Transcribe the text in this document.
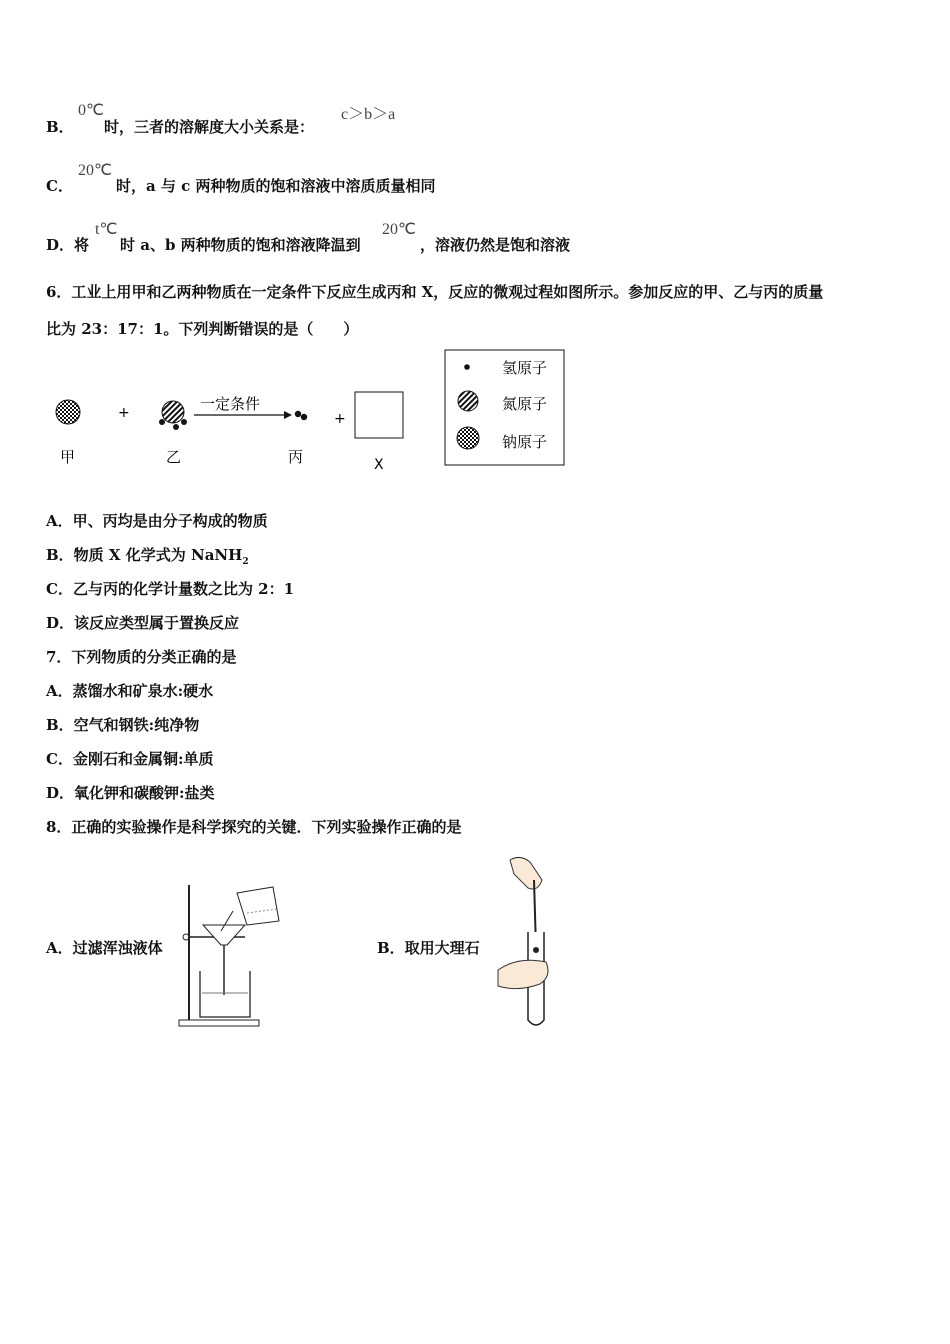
B．
0℃
时，三者的溶解度大小关系是：
c＞b＞a
C．
20℃
时，a 与 c 两种物质的饱和溶液中溶质质量相同
D．将
t℃
时 a、b 两种物质的饱和溶液降温到
20℃
，溶液仍然是饱和溶液
6．工业上用甲和乙两种物质在一定条件下反应生成丙和 X，反应的微观过程如图所示。参加反应的甲、乙与丙的质量
比为 23：17：1。下列判断错误的是（　　）
甲
+
乙
一定条件
丙
+
X
氢原子
氮原子
钠原子
A．甲、丙均是由分子构成的物质
B．物质 X 化学式为 NaNH$_2$
C．乙与丙的化学计量数之比为 2：1
D．该反应类型属于置换反应
7．下列物质的分类正确的是
A．蒸馏水和矿泉水:硬水
B．空气和钢铁:纯净物
C．金刚石和金属铜:单质
D．氧化钾和碳酸钾:盐类
8．正确的实验操作是科学探究的关键．下列实验操作正确的是
A．过滤浑浊液体	B．取用大理石
